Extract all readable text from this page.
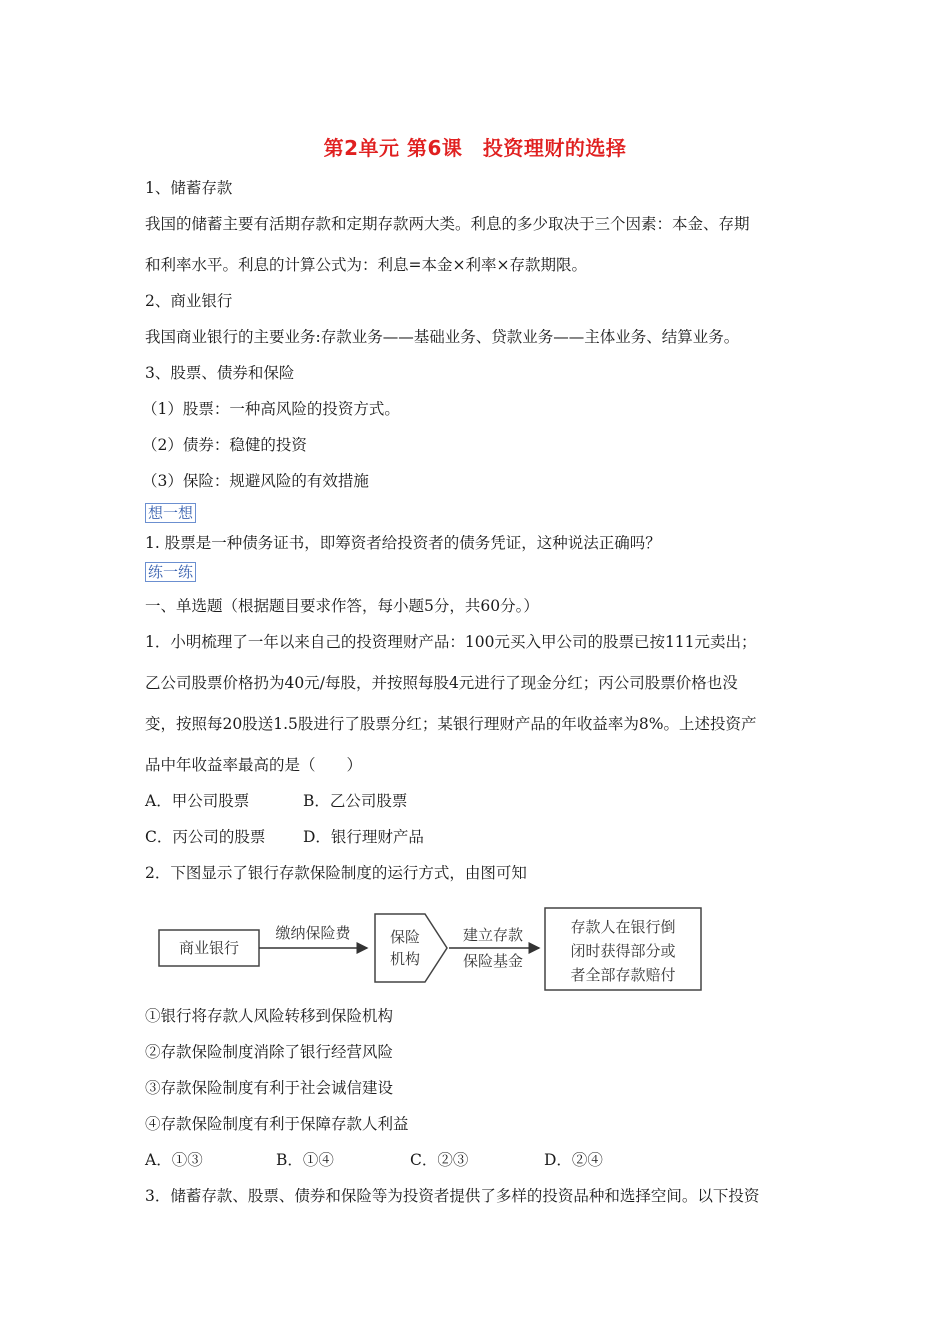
第2单元 第6课　投资理财的选择
1、储蓄存款
我国的储蓄主要有活期存款和定期存款两大类。利息的多少取决于三个因素：本金、存期
和利率水平。利息的计算公式为：利息=本金×利率×存款期限。
2、商业银行
我国商业银行的主要业务:存款业务——基础业务、贷款业务——主体业务、结算业务。
3、股票、债券和保险
（1）股票：一种高风险的投资方式。
（2）债券：稳健的投资
（3）保险：规避风险的有效措施
想一想
1. 股票是一种债务证书，即筹资者给投资者的债务凭证，这种说法正确吗？
练一练
一、单选题（根据题目要求作答，每小题5分，共60分。）
1．小明梳理了一年以来自己的投资理财产品：100元买入甲公司的股票已按111元卖出；
乙公司股票价格扔为40元/每股，并按照每股4元进行了现金分红；丙公司股票价格也没
变，按照每20股送1.5股进行了股票分红；某银行理财产品的年收益率为8%。上述投资产
品中年收益率最高的是（　　）
A．甲公司股票	B．乙公司股票
C．丙公司的股票 D．银行理财产品
2．下图显示了银行存款保险制度的运行方式，由图可知
商业银行
缴纳保险费	保险
机构
建立存款
保险基金
存款人在银行倒
闭时获得部分或
者全部存款赔付
①银行将存款人风险转移到保险机构
②存款保险制度消除了银行经营风险
③存款保险制度有利于社会诚信建设
④存款保险制度有利于保障存款人利益
A．①③	B．①④	C．②③	D．②④
3．储蓄存款、股票、债券和保险等为投资者提供了多样的投资品种和选择空间。以下投资
